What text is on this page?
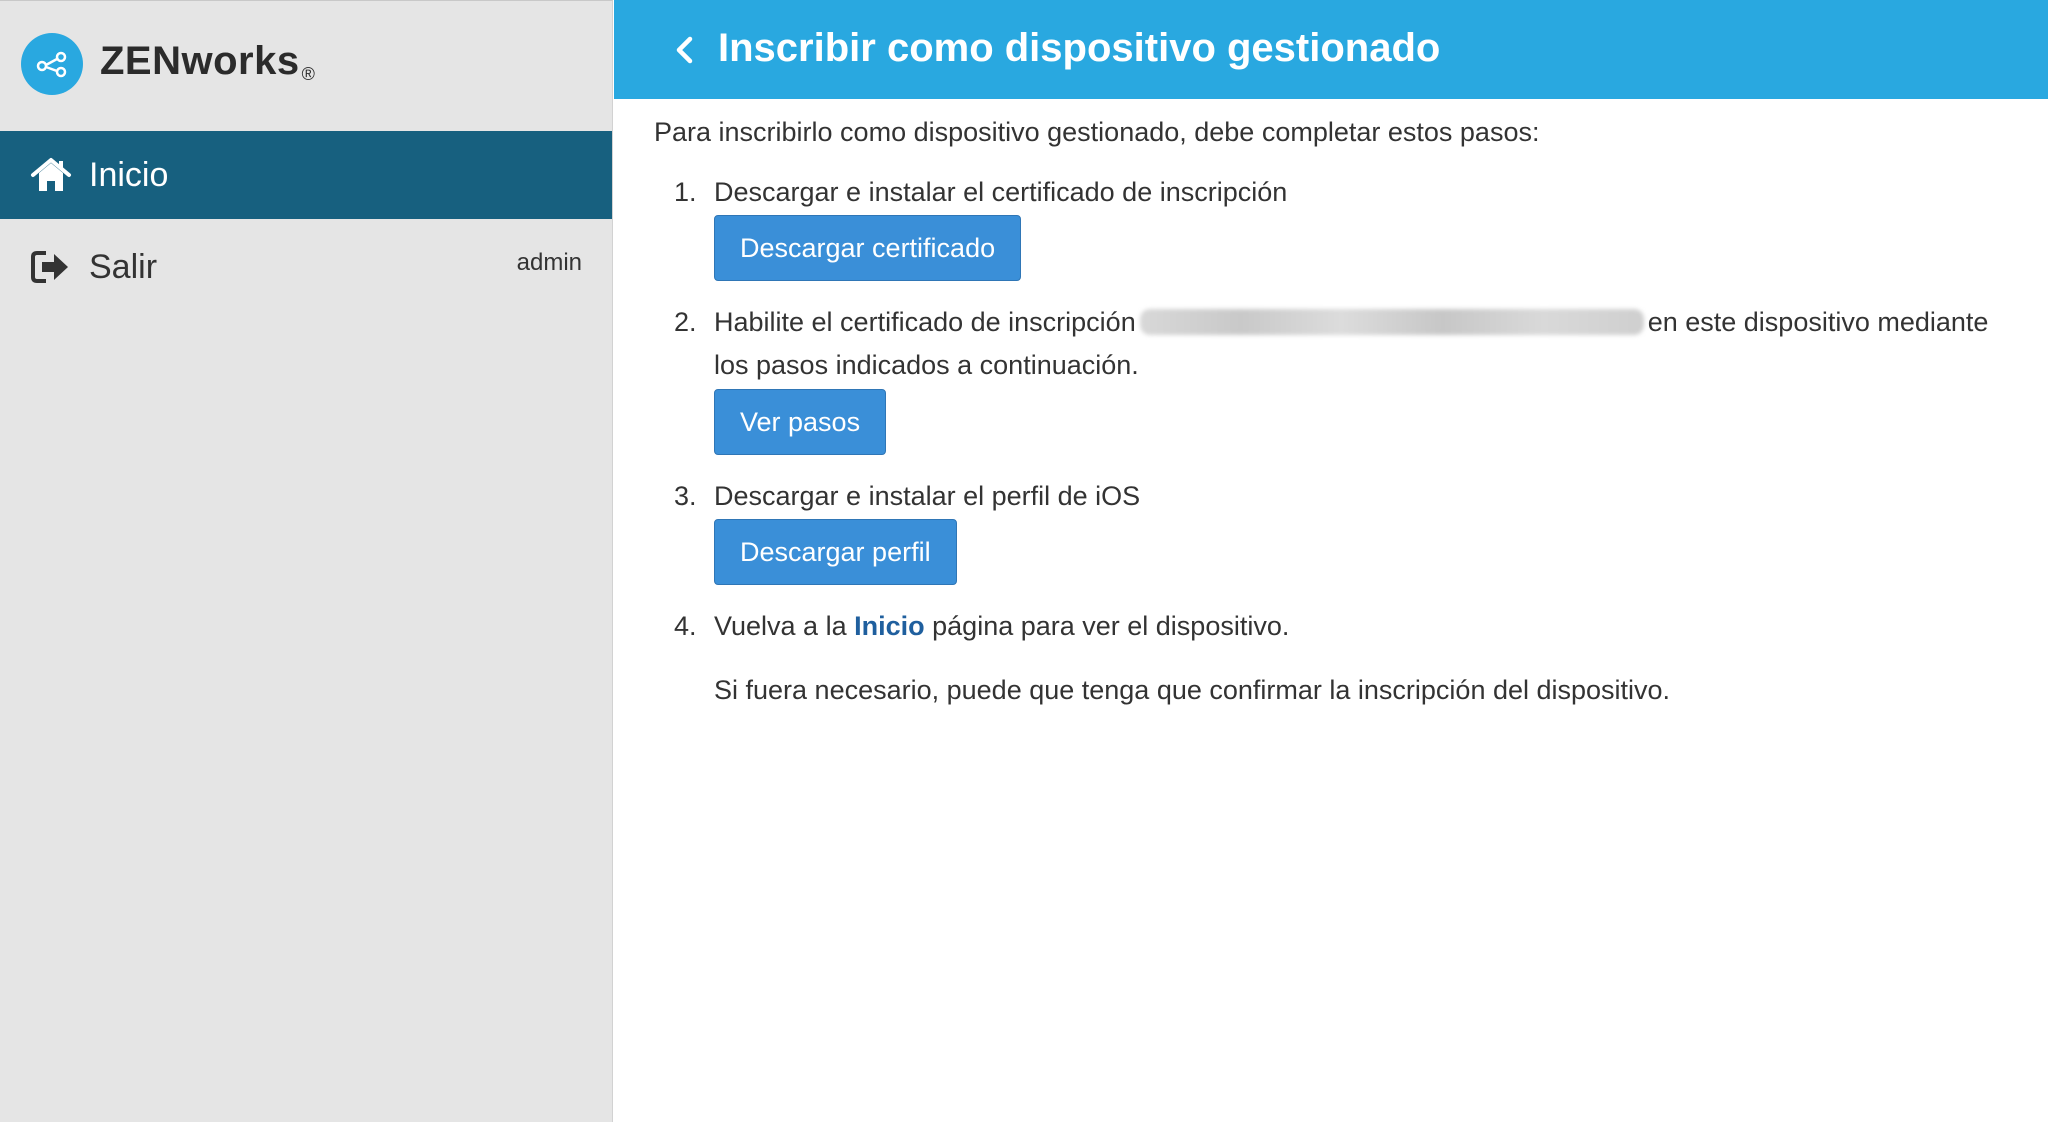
ZENworks ®
Inicio
Salir	admin
Inscribir como dispositivo gestionado
Para inscribirlo como dispositivo gestionado, debe completar estos pasos:
1. Descargar e instalar el certificado de inscripción
Descargar certificado
2. Habilite el certificado de inscripción	en este dispositivo mediante
los pasos indicados a continuación.
Ver pasos
3. Descargar e instalar el perfil de iOS
Descargar perfil
4. Vuelva a la Inicio página para ver el dispositivo.
Si fuera necesario, puede que tenga que confirmar la inscripción del dispositivo.
